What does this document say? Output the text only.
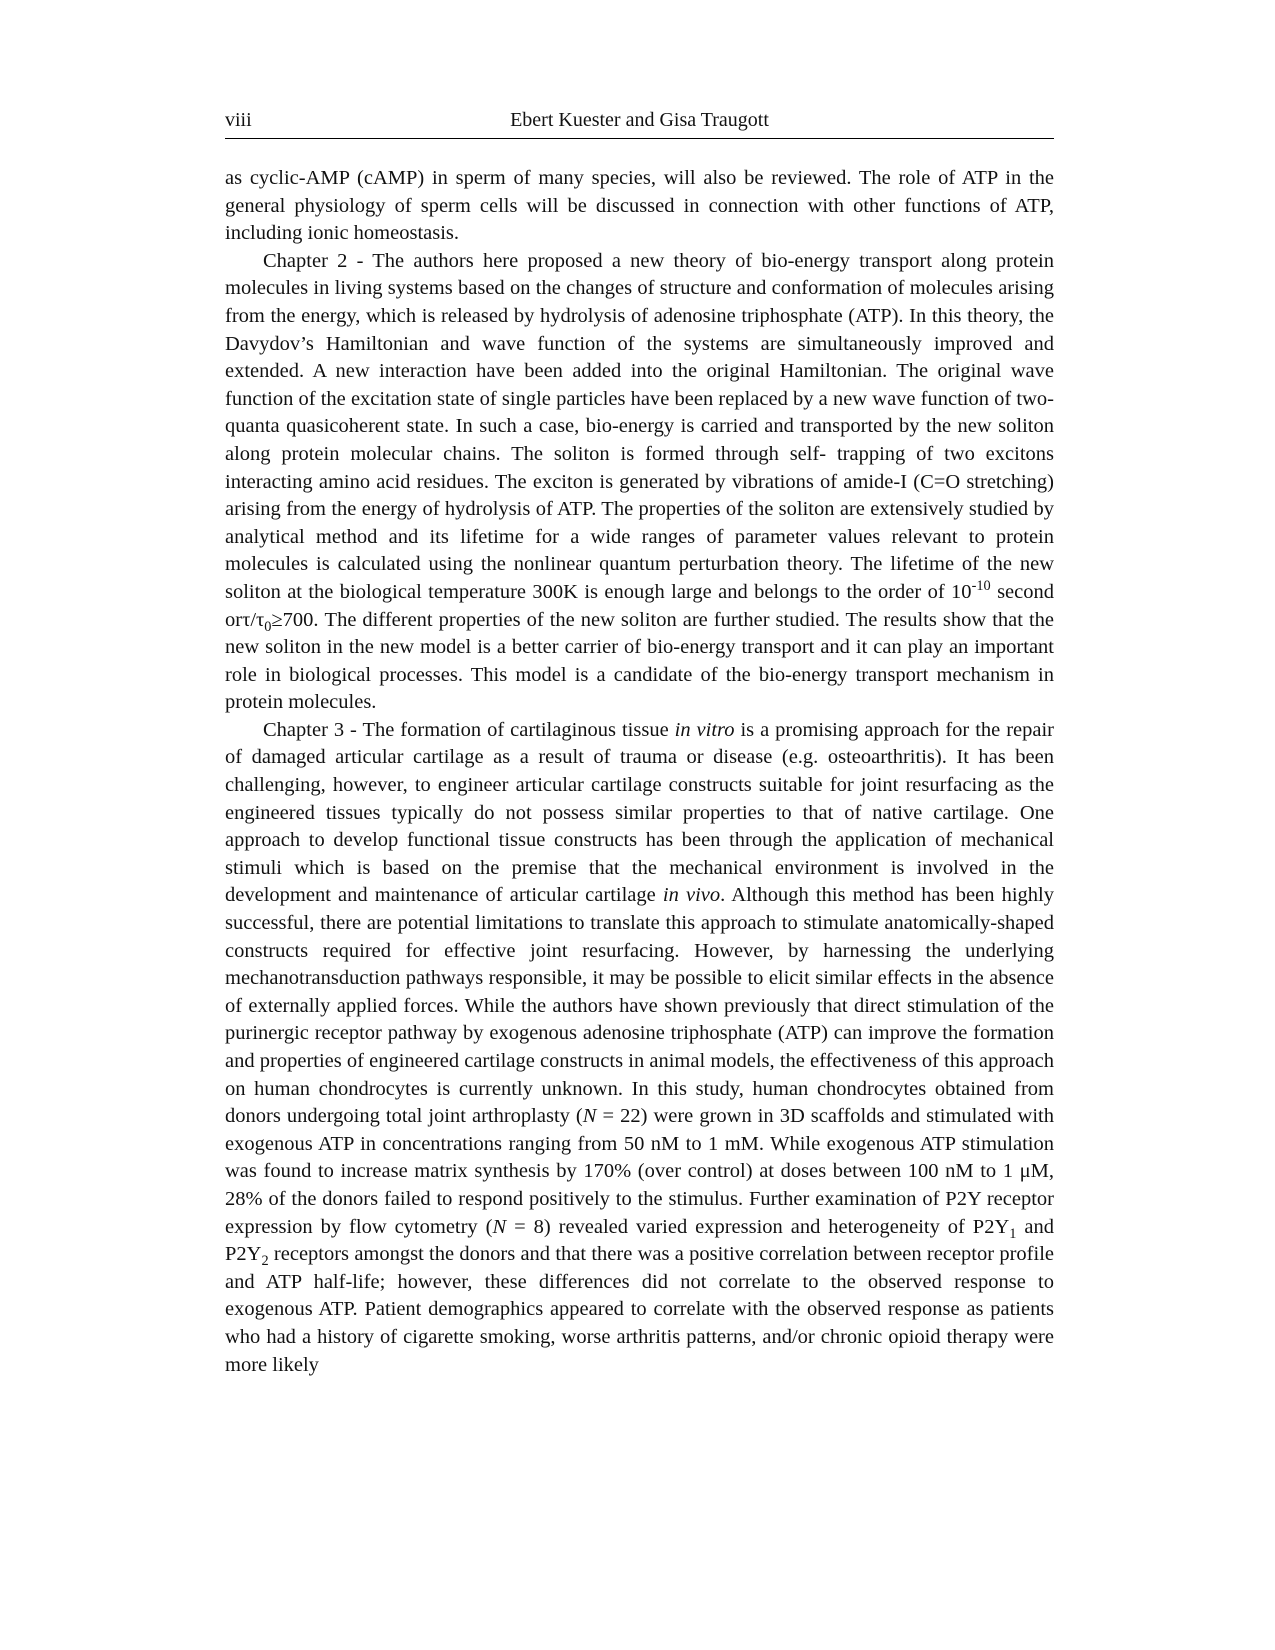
viii	Ebert Kuester and Gisa Traugott

as cyclic-AMP (cAMP) in sperm of many species, will also be reviewed. The role of ATP in the general physiology of sperm cells will be discussed in connection with other functions of ATP, including ionic homeostasis.

Chapter 2 - The authors here proposed a new theory of bio-energy transport along protein molecules in living systems based on the changes of structure and conformation of molecules arising from the energy, which is released by hydrolysis of adenosine triphosphate (ATP). In this theory, the Davydov’s Hamiltonian and wave function of the systems are simultaneously improved and extended. A new interaction have been added into the original Hamiltonian. The original wave function of the excitation state of single particles have been replaced by a new wave function of two-quanta quasicoherent state. In such a case, bio-energy is carried and transported by the new soliton along protein molecular chains. The soliton is formed through self- trapping of two excitons interacting amino acid residues. The exciton is generated by vibrations of amide-I (C=O stretching) arising from the energy of hydrolysis of ATP. The properties of the soliton are extensively studied by analytical method and its lifetime for a wide ranges of parameter values relevant to protein molecules is calculated using the nonlinear quantum perturbation theory. The lifetime of the new soliton at the biological temperature 300K is enough large and belongs to the order of $10^{-10}$ second orτ/$\tau_0\ge 700$. The different properties of the new soliton are further studied. The results show that the new soliton in the new model is a better carrier of bio-energy transport and it can play an important role in biological processes. This model is a candidate of the bio-energy transport mechanism in protein molecules.

Chapter 3 - The formation of cartilaginous tissue in vitro is a promising approach for the repair of damaged articular cartilage as a result of trauma or disease (e.g. osteoarthritis). It has been challenging, however, to engineer articular cartilage constructs suitable for joint resurfacing as the engineered tissues typically do not possess similar properties to that of native cartilage. One approach to develop functional tissue constructs has been through the application of mechanical stimuli which is based on the premise that the mechanical environment is involved in the development and maintenance of articular cartilage in vivo. Although this method has been highly successful, there are potential limitations to translate this approach to stimulate anatomically-shaped constructs required for effective joint resurfacing. However, by harnessing the underlying mechanotransduction pathways responsible, it may be possible to elicit similar effects in the absence of externally applied forces. While the authors have shown previously that direct stimulation of the purinergic receptor pathway by exogenous adenosine triphosphate (ATP) can improve the formation and properties of engineered cartilage constructs in animal models, the effectiveness of this approach on human chondrocytes is currently unknown. In this study, human chondrocytes obtained from donors undergoing total joint arthroplasty (N = 22) were grown in 3D scaffolds and stimulated with exogenous ATP in concentrations ranging from 50 nM to 1 mM. While exogenous ATP stimulation was found to increase matrix synthesis by 170% (over control) at doses between 100 nM to 1 μM, 28% of the donors failed to respond positively to the stimulus. Further examination of P2Y receptor expression by flow cytometry (N = 8) revealed varied expression and heterogeneity of $P2Y_1$ and $P2Y_2$ receptors amongst the donors and that there was a positive correlation between receptor profile and ATP half-life; however, these differences did not correlate to the observed response to exogenous ATP. Patient demographics appeared to correlate with the observed response as patients who had a history of cigarette smoking, worse arthritis patterns, and/or chronic opioid therapy were more likely
